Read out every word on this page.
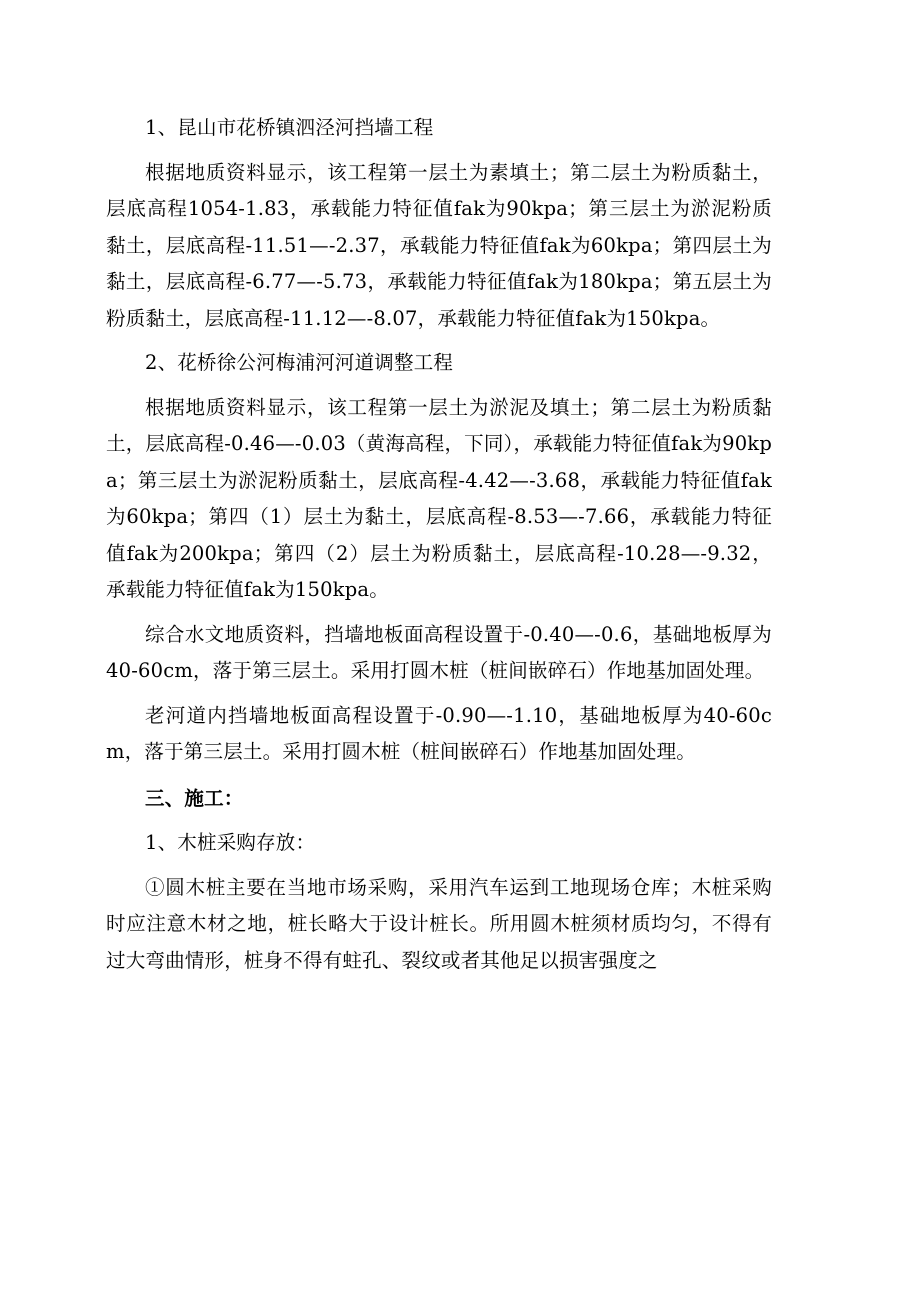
1、昆山市花桥镇泗泾河挡墙工程

根据地质资料显示，该工程第一层土为素填土；第二层土为粉质黏土，层底高程1054-1.83，承载能力特征值fak为90kpa；第三层土为淤泥粉质黏土，层底高程-11.51—-2.37，承载能力特征值fak为60kpa；第四层土为黏土，层底高程-6.77—-5.73，承载能力特征值fak为180kpa；第五层土为粉质黏土，层底高程-11.12—-8.07，承载能力特征值fak为150kpa。

2、花桥徐公河梅浦河河道调整工程

根据地质资料显示，该工程第一层土为淤泥及填土；第二层土为粉质黏土，层底高程-0.46—-0.03（黄海高程，下同），承载能力特征值fak为90kpa；第三层土为淤泥粉质黏土，层底高程-4.42—-3.68，承载能力特征值fak为60kpa；第四（1）层土为黏土，层底高程-8.53—-7.66，承载能力特征值fak为200kpa；第四（2）层土为粉质黏土，层底高程-10.28—-9.32，承载能力特征值fak为150kpa。

综合水文地质资料，挡墙地板面高程设置于-0.40—-0.6，基础地板厚为40-60cm，落于第三层土。采用打圆木桩（桩间嵌碎石）作地基加固处理。

老河道内挡墙地板面高程设置于-0.90—-1.10，基础地板厚为40-60cm，落于第三层土。采用打圆木桩（桩间嵌碎石）作地基加固处理。

三、施工：

1、木桩采购存放：

①圆木桩主要在当地市场采购，采用汽车运到工地现场仓库；木桩采购时应注意木材之地，桩长略大于设计桩长。所用圆木桩须材质均匀，不得有过大弯曲情形，桩身不得有蛀孔、裂纹或者其他足以损害强度之
